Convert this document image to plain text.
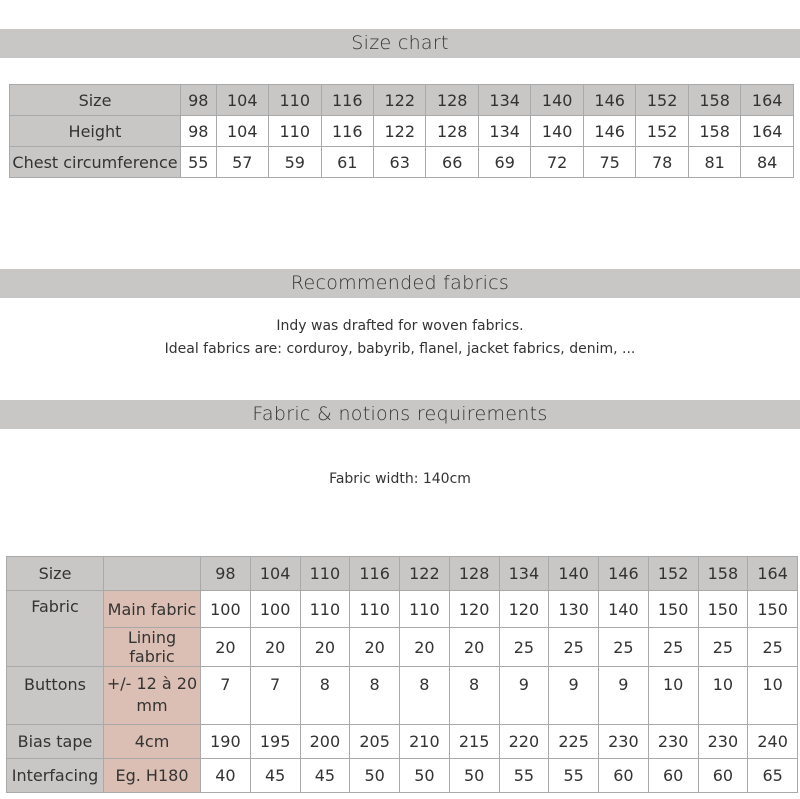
Size chart
Size	98	104	110	116	122	128	134	140	146	152	158	164
Height	98	104	110	116	122	128	134	140	146	152	158	164
Chest circumference	55	57	59	61	63	66	69	72	75	78	81	84
Recommended fabrics
Indy was drafted for woven fabrics.
Ideal fabrics are: corduroy, babyrib, flanel, jacket fabrics, denim, ...
Fabric & notions requirements
Fabric width: 140cm
Size		98	104	110	116	122	128	134	140	146	152	158	164
Fabric	Main fabric	100	100	110	110	110	120	120	130	140	150	150	150
	Lining fabric	20	20	20	20	20	20	25	25	25	25	25	25
Buttons	+/- 12 à 20 mm	7	7	8	8	8	8	9	9	9	10	10	10
Bias tape	4cm	190	195	200	205	210	215	220	225	230	230	230	240
Interfacing	Eg. H180	40	45	45	50	50	50	55	55	60	60	60	65
